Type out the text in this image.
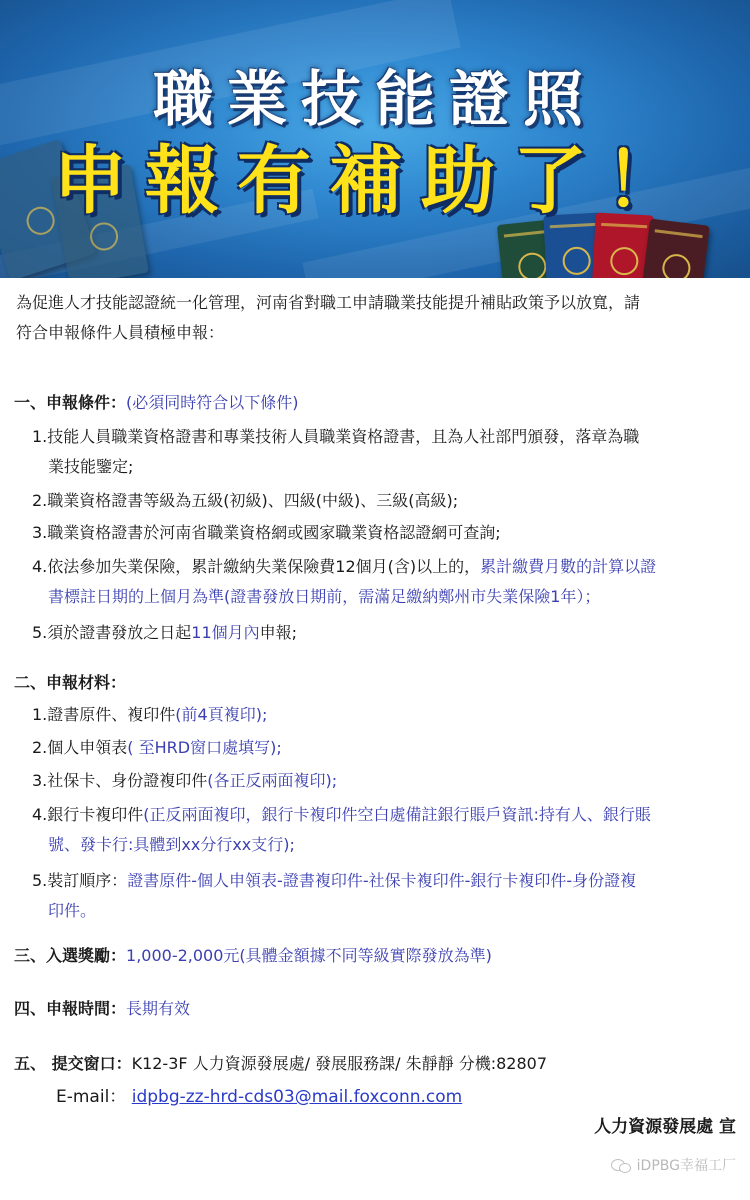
職業技能證照
申報有補助了！
為促進人才技能認證統一化管理，河南省對職工申請職業技能提升補貼政策予以放寬，請
符合申報條件人員積極申報：
一、申報條件：(必須同時符合以下條件)
1.技能人員職業資格證書和專業技術人員職業資格證書，且為人社部門頒發，落章為職
業技能鑒定;
2.職業資格證書等級為五級(初級)、四級(中級)、三級(高級);
3.職業資格證書於河南省職業資格網或國家職業資格認證網可查詢;
4.依法參加失業保險，累計繳納失業保險費12個月(含)以上的，累計繳費月數的計算以證
書標註日期的上個月為準(證書發放日期前，需滿足繳納鄭州市失業保險1年）；
5.須於證書發放之日起11個月內申報;
二、申報材料：
1.證書原件、複印件(前4頁複印);
2.個人申領表( 至HRD窗口處填写);
3.社保卡、身份證複印件(各正反兩面複印);
4.銀行卡複印件(正反兩面複印，銀行卡複印件空白處備註銀行賬戶資訊:持有人、銀行賬
號、發卡行:具體到xx分行xx支行);
5.裝訂順序：證書原件-個人申領表-證書複印件-社保卡複印件-銀行卡複印件-身份證複
印件。
三、入選獎勵：1,000-2,000元(具體金額據不同等級實際發放為準)
四、申報時間：長期有效
五、 提交窗口：K12-3F 人力資源發展處/ 發展服務課/ 朱靜靜 分機:82807
E-mail： idpbg-zz-hrd-cds03@mail.foxconn.com
人力資源發展處 宣
iDPBG幸福工厂
